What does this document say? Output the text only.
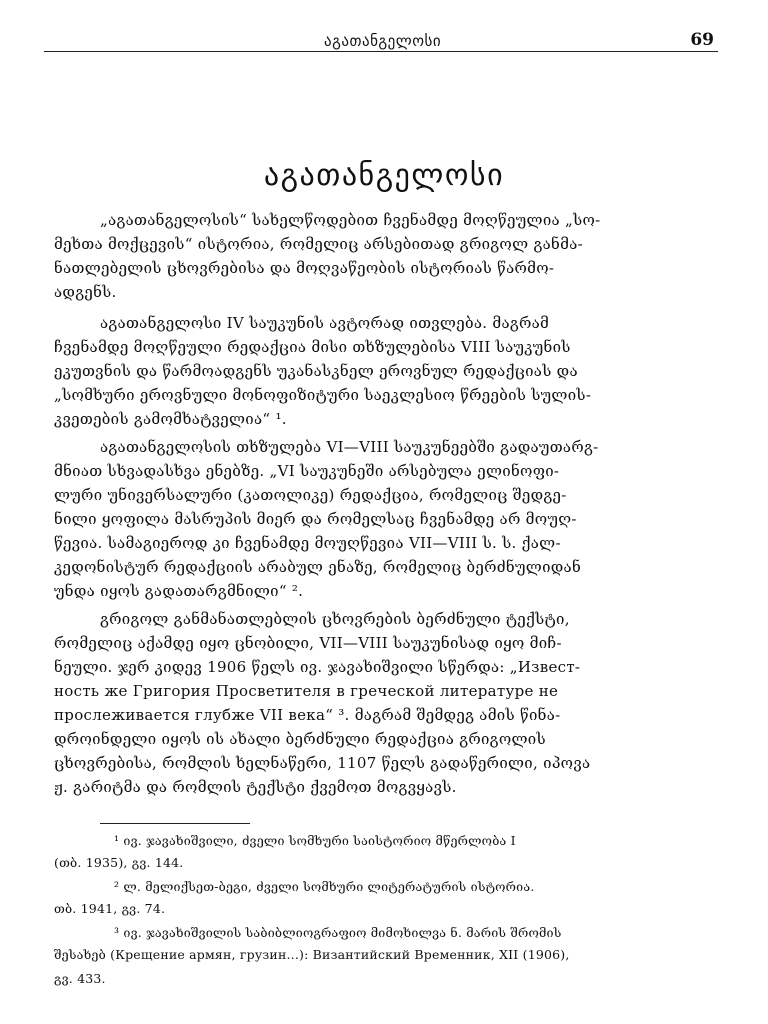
აგათანგელოსი	69
აგათანგელოსი
„აგათანგელოსის“ სახელწოდებით ჩვენამდე მოღწეულია „სო-
მეხთა მოქცევის“ ისტორია, რომელიც არსებითად გრიგოლ განმა-
ნათლებელის ცხოვრებისა და მოღვაწეობის ისტორიას წარმო-
ადგენს.
აგათანგელოსი IV საუკუნის ავტორად ითვლება. მაგრამ
ჩვენამდე მოღწეული რედაქცია მისი თხზულებისა VIII საუკუნის
ეკუთვნის და წარმოადგენს უკანასკნელ ეროვნულ რედაქციას და
„სომხური ეროვნული მონოფიზიტური საეკლესიო წრეების სულის-
კვეთების გამომხატველია“ ¹.
აგათანგელოსის თხზულება VI—VIII საუკუნეებში გადაუთარგ-
მნიათ სხვადასხვა ენებზე. „VI საუკუნეში არსებულა ელინოფი-
ლური უნივერსალური (კათოლიკე) რედაქცია, რომელიც შედგე-
ნილი ყოფილა მასრუპის მიერ და რომელსაც ჩვენამდე არ მოუღ-
წევია. სამაგიეროდ კი ჩვენამდე მოუღწევია VII—VIII ს. ს. ქალ-
კედონისტურ რედაქციის არაბულ ენაზე, რომელიც ბერძნულიდან
უნდა იყოს გადათარგმნილი“ ².
გრიგოლ განმანათლებლის ცხოვრების ბერძნული ტექსტი,
რომელიც აქამდე იყო ცნობილი, VII—VIII საუკუნისად იყო მიჩ-
ნეული. ჯერ კიდევ 1906 წელს ივ. ჯავახიშვილი სწერდა: „Извест-
ность же Григория Просветителя в греческой литературе не
прослеживается глубже VII века“ ³. მაგრამ შემდეგ ამის წინა-
დროინდელი იყოს ის ახალი ბერძნული რედაქცია გრიგოლის
ცხოვრებისა, რომლის ხელნაწერი, 1107 წელს გადაწერილი, იპოვა
ჟ. გარიტმა და რომლის ტექსტი ქვემოთ მოგვყავს.
¹ ივ. ჯავახიშვილი, ძველი სომხური საისტორიო მწერლობა I
(თბ. 1935), გვ. 144.
² ლ. მელიქსეთ-ბეგი, ძველი სომხური ლიტერატურის ისტორია.
თბ. 1941, გვ. 74.
³ ივ. ჯავახიშვილის საბიბლიოგრაფიო მიმოხილვა ნ. მარის შრომის
შესახებ (Крещение армян, грузин...): Византийский Временник, XII (1906),
გვ. 433.
